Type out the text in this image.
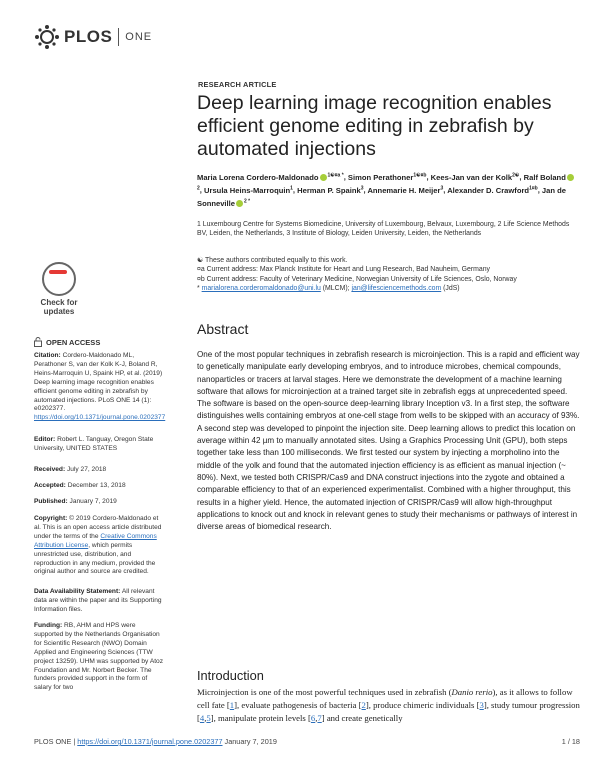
PLOS ONE
Check for
updates
OPEN ACCESS
Citation: Cordero-Maldonado ML, Perathoner S, van der Kolk K-J, Boland R, Heins-Marroquin U, Spaink HP, et al. (2019) Deep learning image recognition enables efficient genome editing in zebrafish by automated injections. PLoS ONE 14 (1): e0202377. https://doi.org/10.1371/journal.pone.0202377
Editor: Robert L. Tanguay, Oregon State University, UNITED STATES
Received: July 27, 2018
Accepted: December 13, 2018
Published: January 7, 2019
Copyright: © 2019 Cordero-Maldonado et al. This is an open access article distributed under the terms of the Creative Commons Attribution License, which permits unrestricted use, distribution, and reproduction in any medium, provided the original author and source are credited.
Data Availability Statement: All relevant data are within the paper and its Supporting Information files.
Funding: RB, AHM and HPS were supported by the Netherlands Organisation for Scientific Research (NWO) Domain Applied and Engineering Sciences (TTW project 13259). UHM was supported by Atoz Foundation and Mr. Norbert Becker. The funders provided support in the form of salary for two
RESEARCH ARTICLE
Deep learning image recognition enables efficient genome editing in zebrafish by automated injections
Maria Lorena Cordero-Maldonado $^{1☯¤a *}$, Simon Perathoner$^{1☯¤b}$, Kees-Jan van der Kolk$^{2☯}$, Ralf Boland$^2$, Ursula Heins-Marroquin$^1$, Herman P. Spaink$^3$, Annemarie H. Meijer$^3$, Alexander D. Crawford$^{1¤b}$, Jan de Sonneville $^{2 *}$
1 Luxembourg Centre for Systems Biomedicine, University of Luxembourg, Belvaux, Luxembourg, 2 Life Science Methods BV, Leiden, the Netherlands, 3 Institute of Biology, Leiden University, Leiden, the Netherlands
☯ These authors contributed equally to this work.
¤a Current address: Max Planck Institute for Heart and Lung Research, Bad Nauheim, Germany
¤b Current address: Faculty of Veterinary Medicine, Norwegian University of Life Sciences, Oslo, Norway
* marialorena.corderomaldonado@uni.lu (MLCM); jan@lifesciencemethods.com (JdS)
Abstract
One of the most popular techniques in zebrafish research is microinjection. This is a rapid and efficient way to genetically manipulate early developing embryos, and to introduce microbes, chemical compounds, nanoparticles or tracers at larval stages. Here we demonstrate the development of a machine learning software that allows for microinjection at a trained target site in zebrafish eggs at unprecedented speed. The software is based on the open-source deep-learning library Inception v3. In a first step, the software distinguishes wells containing embryos at one-cell stage from wells to be skipped with an accuracy of 93%. A second step was developed to pinpoint the injection site. Deep learning allows to predict this location on average within 42 µm to manually annotated sites. Using a Graphics Processing Unit (GPU), both steps together take less than 100 milliseconds. We first tested our system by injecting a morpholino into the middle of the yolk and found that the automated injection efficiency is as efficient as manual injection (~ 80%). Next, we tested both CRISPR/Cas9 and DNA construct injections into the zygote and obtained a comparable efficiency to that of an experienced experimentalist. Combined with a higher throughput, this results in a higher yield. Hence, the automated injection of CRISPR/Cas9 will allow high-throughput applications to knock out and knock in relevant genes to study their mechanisms or pathways of interest in diverse areas of biomedical research.
Introduction
Microinjection is one of the most powerful techniques used in zebrafish (Danio rerio), as it allows to follow cell fate [1], evaluate pathogenesis of bacteria [2], produce chimeric individuals [3], study tumour progression [4,5], manipulate protein levels [6,7] and create genetically
PLOS ONE | https://doi.org/10.1371/journal.pone.0202377 January 7, 2019	1 / 18
